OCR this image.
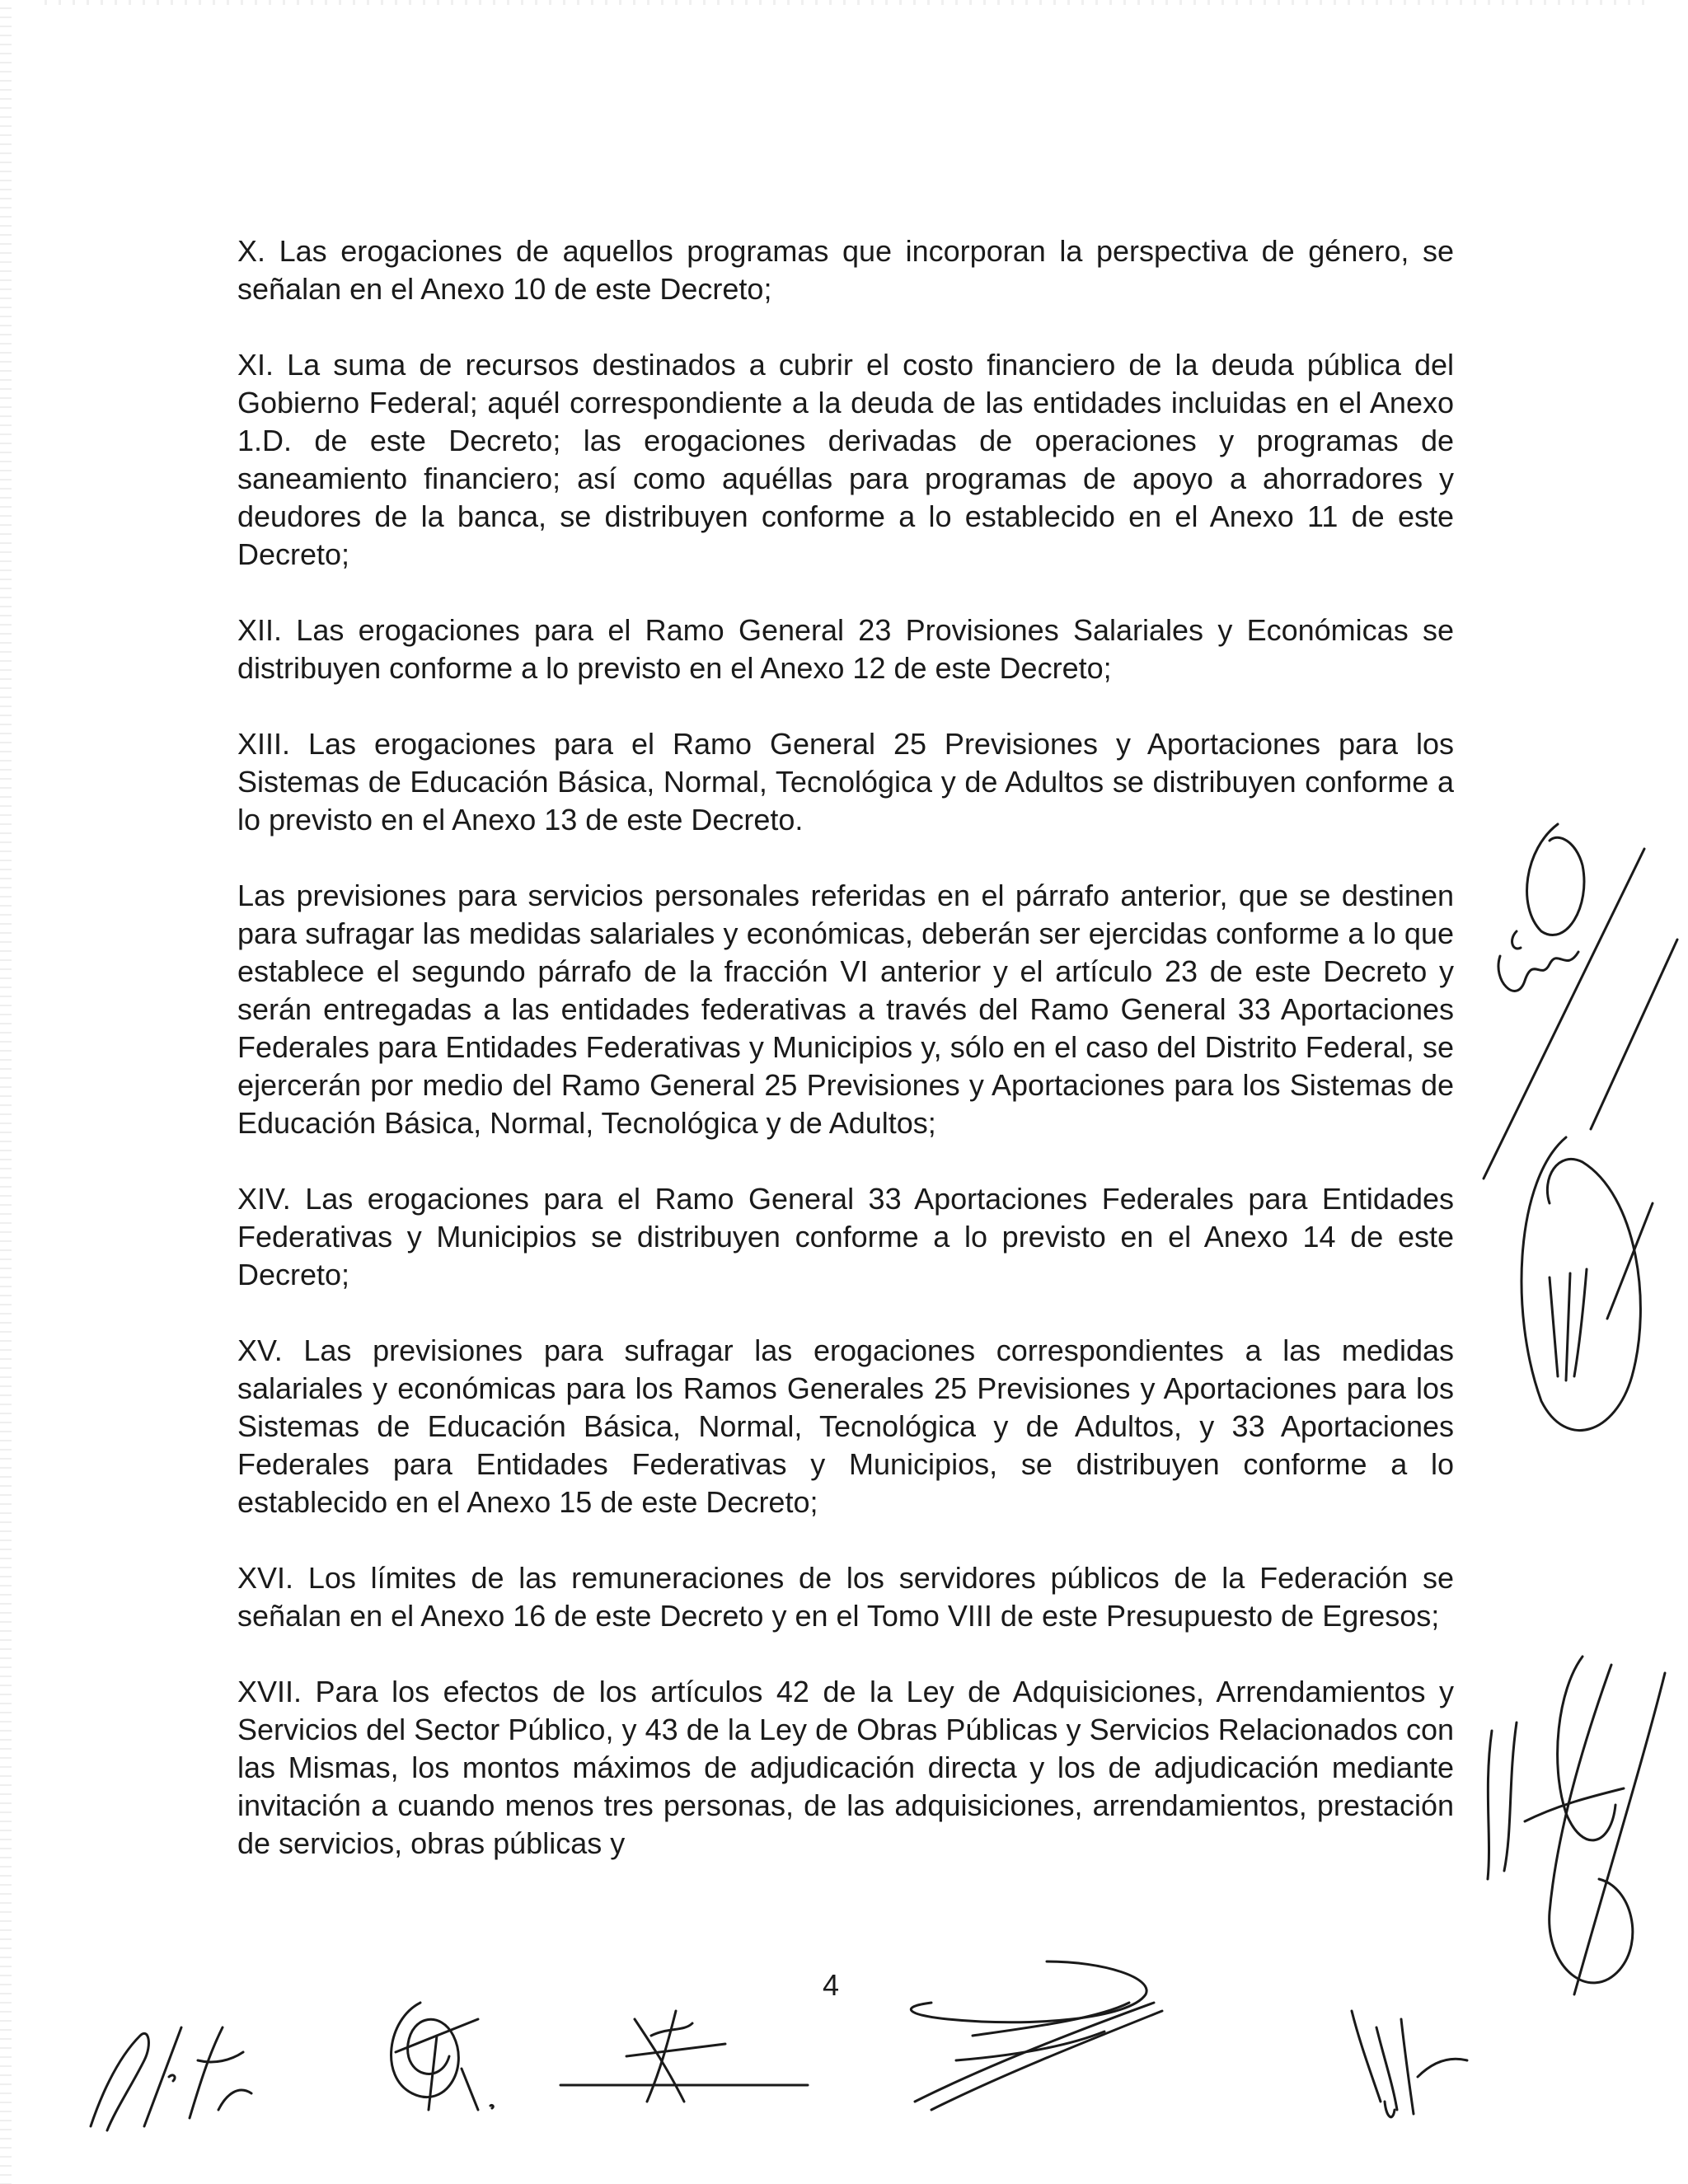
X. Las erogaciones de aquellos programas que incorporan la perspectiva de género, se señalan en el Anexo 10 de este Decreto;

XI. La suma de recursos destinados a cubrir el costo financiero de la deuda pública del Gobierno Federal; aquél correspondiente a la deuda de las entidades incluidas en el Anexo 1.D. de este Decreto; las erogaciones derivadas de operaciones y programas de saneamiento financiero; así como aquéllas para programas de apoyo a ahorradores y deudores de la banca, se distribuyen conforme a lo establecido en el Anexo 11 de este Decreto;

XII. Las erogaciones para el Ramo General 23 Provisiones Salariales y Económicas se distribuyen conforme a lo previsto en el Anexo 12 de este Decreto;

XIII. Las erogaciones para el Ramo General 25 Previsiones y Aportaciones para los Sistemas de Educación Básica, Normal, Tecnológica y de Adultos se distribuyen conforme a lo previsto en el Anexo 13 de este Decreto.

Las previsiones para servicios personales referidas en el párrafo anterior, que se destinen para sufragar las medidas salariales y económicas, deberán ser ejercidas conforme a lo que establece el segundo párrafo de la fracción VI anterior y el artículo 23 de este Decreto y serán entregadas a las entidades federativas a través del Ramo General 33 Aportaciones Federales para Entidades Federativas y Municipios y, sólo en el caso del Distrito Federal, se ejercerán por medio del Ramo General 25 Previsiones y Aportaciones para los Sistemas de Educación Básica, Normal, Tecnológica y de Adultos;

XIV. Las erogaciones para el Ramo General 33 Aportaciones Federales para Entidades Federativas y Municipios se distribuyen conforme a lo previsto en el Anexo 14 de este Decreto;

XV. Las previsiones para sufragar las erogaciones correspondientes a las medidas salariales y económicas para los Ramos Generales 25 Previsiones y Aportaciones para los Sistemas de Educación Básica, Normal, Tecnológica y de Adultos, y 33 Aportaciones Federales para Entidades Federativas y Municipios, se distribuyen conforme a lo establecido en el Anexo 15 de este Decreto;

XVI. Los límites de las remuneraciones de los servidores públicos de la Federación se señalan en el Anexo 16 de este Decreto y en el Tomo VIII de este Presupuesto de Egresos;

XVII. Para los efectos de los artículos 42 de la Ley de Adquisiciones, Arrendamientos y Servicios del Sector Público, y 43 de la Ley de Obras Públicas y Servicios Relacionados con las Mismas, los montos máximos de adjudicación directa y los de adjudicación mediante invitación a cuando menos tres personas, de las adquisiciones, arrendamientos, prestación de servicios, obras públicas y

4
